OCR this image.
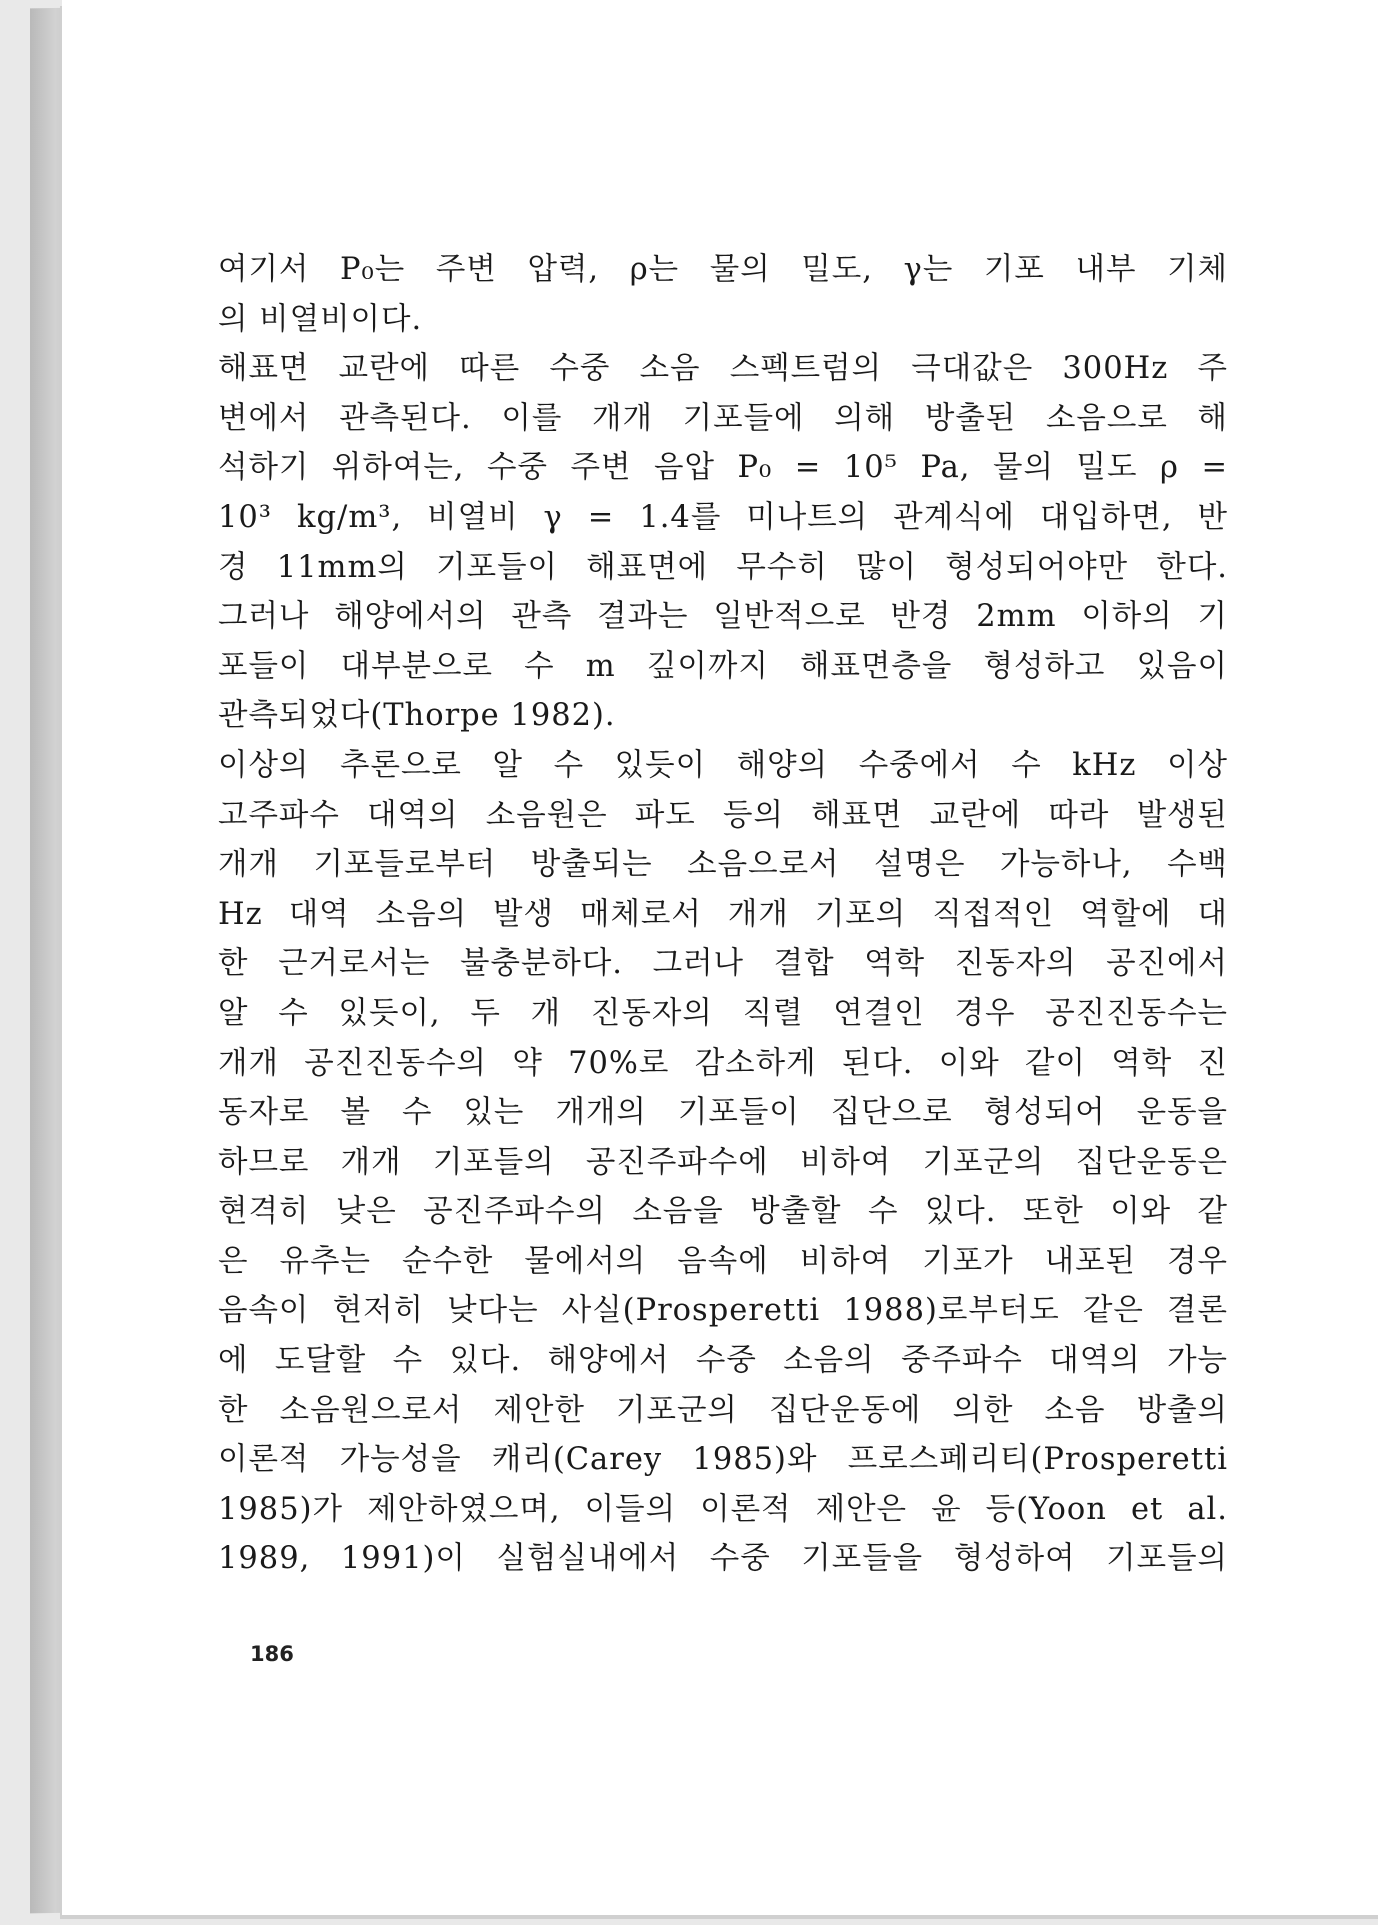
여기서 P₀는 주변 압력, ρ는 물의 밀도, γ는 기포 내부 기체
의 비열비이다.
해표면 교란에 따른 수중 소음 스펙트럼의 극대값은 300Hz 주
변에서 관측된다. 이를 개개 기포들에 의해 방출된 소음으로 해
석하기 위하여는, 수중 주변 음압 P₀ = 10⁵ Pa, 물의 밀도 ρ =
10³ kg/m³, 비열비 γ = 1.4를 미나트의 관계식에 대입하면, 반
경 11mm의 기포들이 해표면에 무수히 많이 형성되어야만 한다.
그러나 해양에서의 관측 결과는 일반적으로 반경 2mm 이하의 기
포들이 대부분으로 수 m 깊이까지 해표면층을 형성하고 있음이
관측되었다(Thorpe 1982).
이상의 추론으로 알 수 있듯이 해양의 수중에서 수 kHz 이상
고주파수 대역의 소음원은 파도 등의 해표면 교란에 따라 발생된
개개 기포들로부터 방출되는 소음으로서 설명은 가능하나, 수백
Hz 대역 소음의 발생 매체로서 개개 기포의 직접적인 역할에 대
한 근거로서는 불충분하다. 그러나 결합 역학 진동자의 공진에서
알 수 있듯이, 두 개 진동자의 직렬 연결인 경우 공진진동수는
개개 공진진동수의 약 70%로 감소하게 된다. 이와 같이 역학 진
동자로 볼 수 있는 개개의 기포들이 집단으로 형성되어 운동을
하므로 개개 기포들의 공진주파수에 비하여 기포군의 집단운동은
현격히 낮은 공진주파수의 소음을 방출할 수 있다. 또한 이와 같
은 유추는 순수한 물에서의 음속에 비하여 기포가 내포된 경우
음속이 현저히 낮다는 사실(Prosperetti 1988)로부터도 같은 결론
에 도달할 수 있다. 해양에서 수중 소음의 중주파수 대역의 가능
한 소음원으로서 제안한 기포군의 집단운동에 의한 소음 방출의
이론적 가능성을 캐리(Carey 1985)와 프로스페리티(Prosperetti
1985)가 제안하였으며, 이들의 이론적 제안은 윤 등(Yoon et al.
1989, 1991)이 실험실내에서 수중 기포들을 형성하여 기포들의
186
